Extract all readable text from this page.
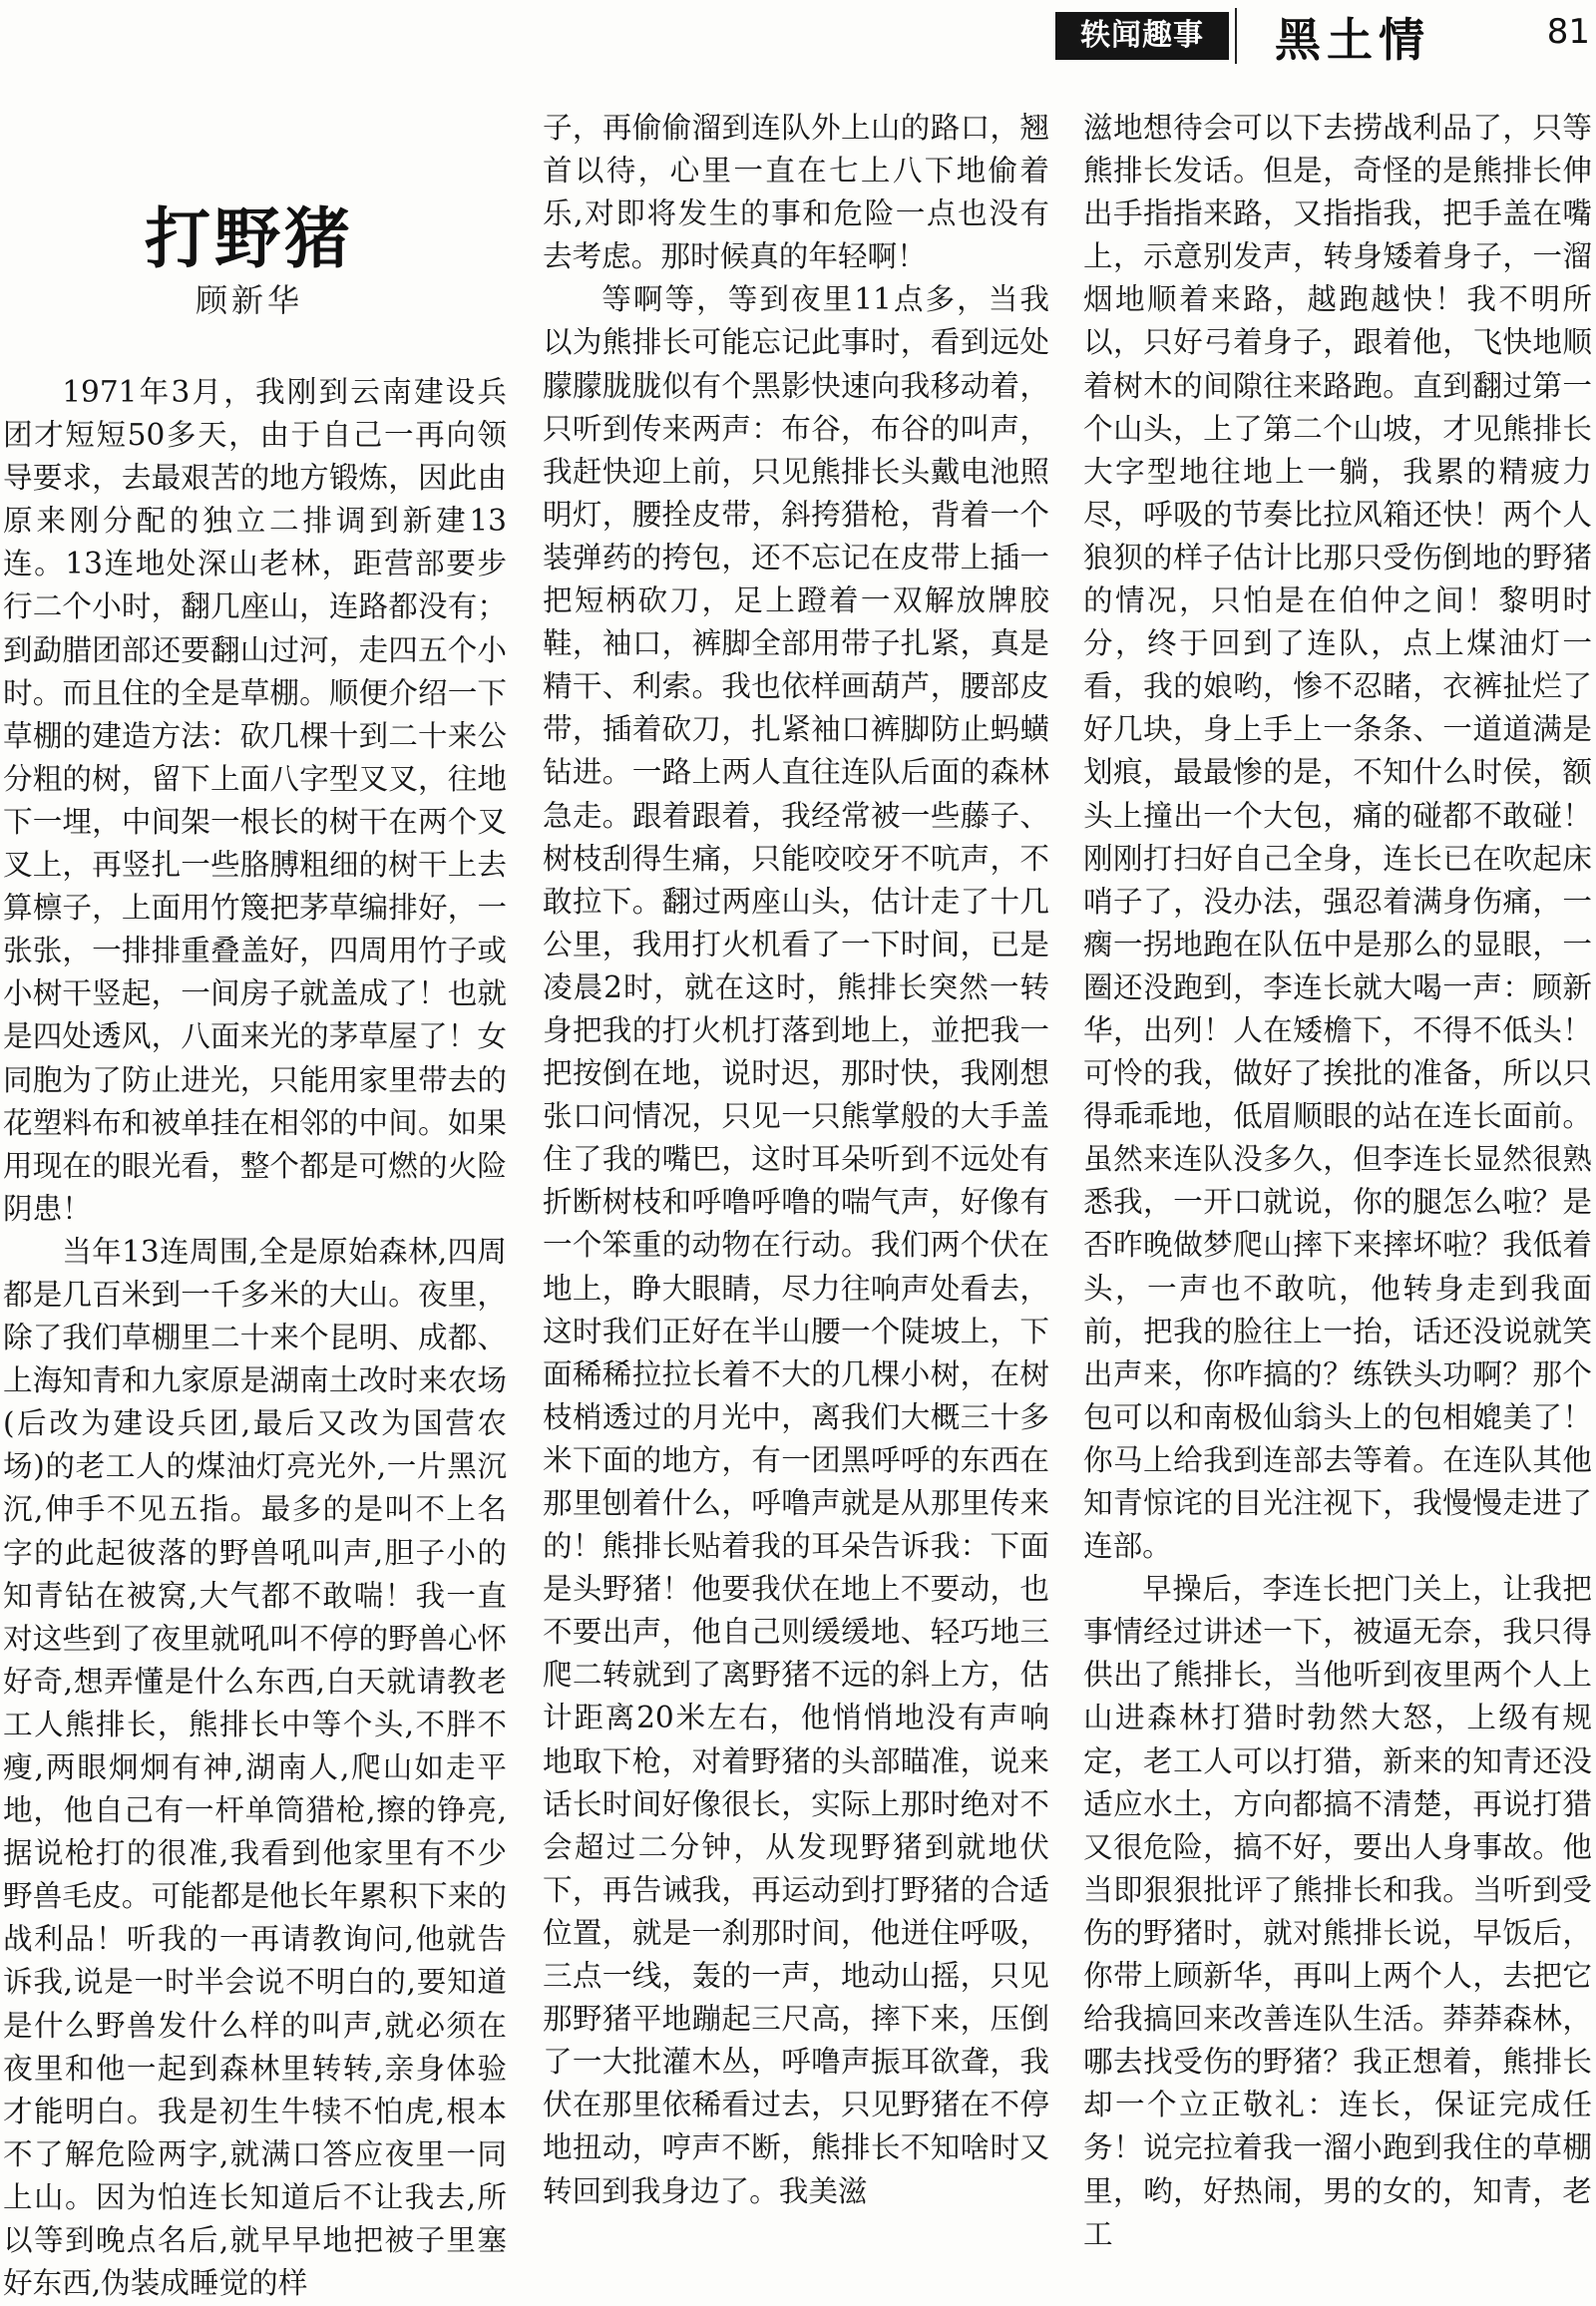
轶闻趣事	黑土情	81
打野猪
顾新华

1971年3月，我刚到云南建设兵团才短短50多天，由于自己一再向领导要求，去最艰苦的地方锻炼，因此由原来刚分配的独立二排调到新建13连。13连地处深山老林，距营部要步行二个小时，翻几座山，连路都没有；到勐腊团部还要翻山过河，走四五个小时。而且住的全是草棚。顺便介绍一下草棚的建造方法：砍几棵十到二十来公分粗的树，留下上面八字型叉叉，往地下一埋，中间架一根长的树干在两个叉叉上，再竖扎一些胳膊粗细的树干上去算檩子，上面用竹篾把茅草编排好，一张张，一排排重叠盖好，四周用竹子或小树干竖起，一间房子就盖成了！也就是四处透风，八面来光的茅草屋了！女同胞为了防止进光，只能用家里带去的花塑料布和被单挂在相邻的中间。如果用现在的眼光看，整个都是可燃的火险阴患！

当年13连周围,全是原始森林,四周都是几百米到一千多米的大山。夜里，除了我们草棚里二十来个昆明、成都、上海知青和九家原是湖南土改时来农场(后改为建设兵团,最后又改为国营农场)的老工人的煤油灯亮光外,一片黑沉沉,伸手不见五指。最多的是叫不上名字的此起彼落的野兽吼叫声,胆子小的知青钻在被窝,大气都不敢喘！我一直对这些到了夜里就吼叫不停的野兽心怀好奇,想弄懂是什么东西,白天就请教老工人熊排长，熊排长中等个头,不胖不瘦,两眼炯炯有神,湖南人,爬山如走平地，他自己有一杆单筒猎枪,擦的铮亮,据说枪打的很准,我看到他家里有不少野兽毛皮。可能都是他长年累积下来的战利品！听我的一再请教询问,他就告诉我,说是一时半会说不明白的,要知道是什么野兽发什么样的叫声,就必须在夜里和他一起到森林里转转,亲身体验才能明白。我是初生牛犊不怕虎,根本不了解危险两字,就满口答应夜里一同上山。因为怕连长知道后不让我去,所以等到晚点名后,就早早地把被子里塞好东西,伪装成睡觉的样

子，再偷偷溜到连队外上山的路口，翘首以待，心里一直在七上八下地偷着乐,对即将发生的事和危险一点也没有去考虑。那时候真的年轻啊！

等啊等，等到夜里11点多，当我以为熊排长可能忘记此事时，看到远处朦朦胧胧似有个黑影快速向我移动着，只听到传来两声：布谷，布谷的叫声，我赶快迎上前，只见熊排长头戴电池照明灯，腰拴皮带，斜挎猎枪，背着一个装弹药的挎包，还不忘记在皮带上插一把短柄砍刀，足上蹬着一双解放牌胶鞋，袖口，裤脚全部用带子扎紧，真是精干、利索。我也依样画葫芦，腰部皮带，插着砍刀，扎紧袖口裤脚防止蚂蟥钻进。一路上两人直往连队后面的森林急走。跟着跟着，我经常被一些藤子、树枝刮得生痛，只能咬咬牙不吭声，不敢拉下。翻过两座山头，估计走了十几公里，我用打火机看了一下时间，已是凌晨2时，就在这时，熊排长突然一转身把我的打火机打落到地上，並把我一把按倒在地，说时迟，那时快，我刚想张口问情况，只见一只熊掌般的大手盖住了我的嘴巴，这时耳朵听到不远处有折断树枝和呼噜呼噜的喘气声，好像有一个笨重的动物在行动。我们两个伏在地上，睁大眼睛，尽力往响声处看去，这时我们正好在半山腰一个陡坡上，下面稀稀拉拉长着不大的几棵小树，在树枝梢透过的月光中，离我们大概三十多米下面的地方，有一团黑呼呼的东西在那里刨着什么，呼噜声就是从那里传来的！熊排长贴着我的耳朵告诉我：下面是头野猪！他要我伏在地上不要动，也不要出声，他自己则缓缓地、轻巧地三爬二转就到了离野猪不远的斜上方，估计距离20米左右，他悄悄地没有声响地取下枪，对着野猪的头部瞄准，说来话长时间好像很长，实际上那时绝对不会超过二分钟，从发现野猪到就地伏下，再告诫我，再运动到打野猪的合适位置，就是一刹那时间，他迸住呼吸，三点一线，轰的一声，地动山摇，只见那野猪平地蹦起三尺高，摔下来，压倒了一大批灌木丛，呼噜声振耳欲聋，我伏在那里依稀看过去，只见野猪在不停地扭动，哼声不断，熊排长不知啥时又转回到我身边了。我美滋

滋地想待会可以下去捞战利品了，只等熊排长发话。但是，奇怪的是熊排长伸出手指指来路，又指指我，把手盖在嘴上，示意别发声，转身矮着身子，一溜烟地顺着来路，越跑越快！我不明所以，只好弓着身子，跟着他，飞快地顺着树木的间隙往来路跑。直到翻过第一个山头，上了第二个山坡，才见熊排长大字型地往地上一躺，我累的精疲力尽，呼吸的节奏比拉风箱还快！两个人狼狈的样子估计比那只受伤倒地的野猪的情况，只怕是在伯仲之间！黎明时分，终于回到了连队，点上煤油灯一看，我的娘哟，惨不忍睹，衣裤扯烂了好几块，身上手上一条条、一道道满是划痕，最最惨的是，不知什么时侯，额头上撞出一个大包，痛的碰都不敢碰！刚刚打扫好自己全身，连长已在吹起床哨子了，没办法，强忍着满身伤痛，一瘸一拐地跑在队伍中是那么的显眼，一圈还没跑到，李连长就大喝一声：顾新华，出列！人在矮檐下，不得不低头！可怜的我，做好了挨批的准备，所以只得乖乖地，低眉顺眼的站在连长面前。虽然来连队没多久，但李连长显然很熟悉我，一开口就说，你的腿怎么啦？是否昨晚做梦爬山摔下来摔坏啦？我低着头，一声也不敢吭，他转身走到我面前，把我的脸往上一抬，话还没说就笑出声来，你咋搞的？练铁头功啊？那个包可以和南极仙翁头上的包相媲美了！你马上给我到连部去等着。在连队其他知青惊诧的目光注视下，我慢慢走进了连部。

早操后，李连长把门关上，让我把事情经过讲述一下，被逼无奈，我只得供出了熊排长，当他听到夜里两个人上山进森林打猎时勃然大怒，上级有规定，老工人可以打猎，新来的知青还没适应水土，方向都搞不清楚，再说打猎又很危险，搞不好，要出人身事故。他当即狠狠批评了熊排长和我。当听到受伤的野猪时，就对熊排长说，早饭后，你带上顾新华，再叫上两个人，去把它给我搞回来改善连队生活。莽莽森林，哪去找受伤的野猪？我正想着，熊排长却一个立正敬礼：连长，保证完成任务！说完拉着我一溜小跑到我住的草棚里，哟，好热闹，男的女的，知青，老工
